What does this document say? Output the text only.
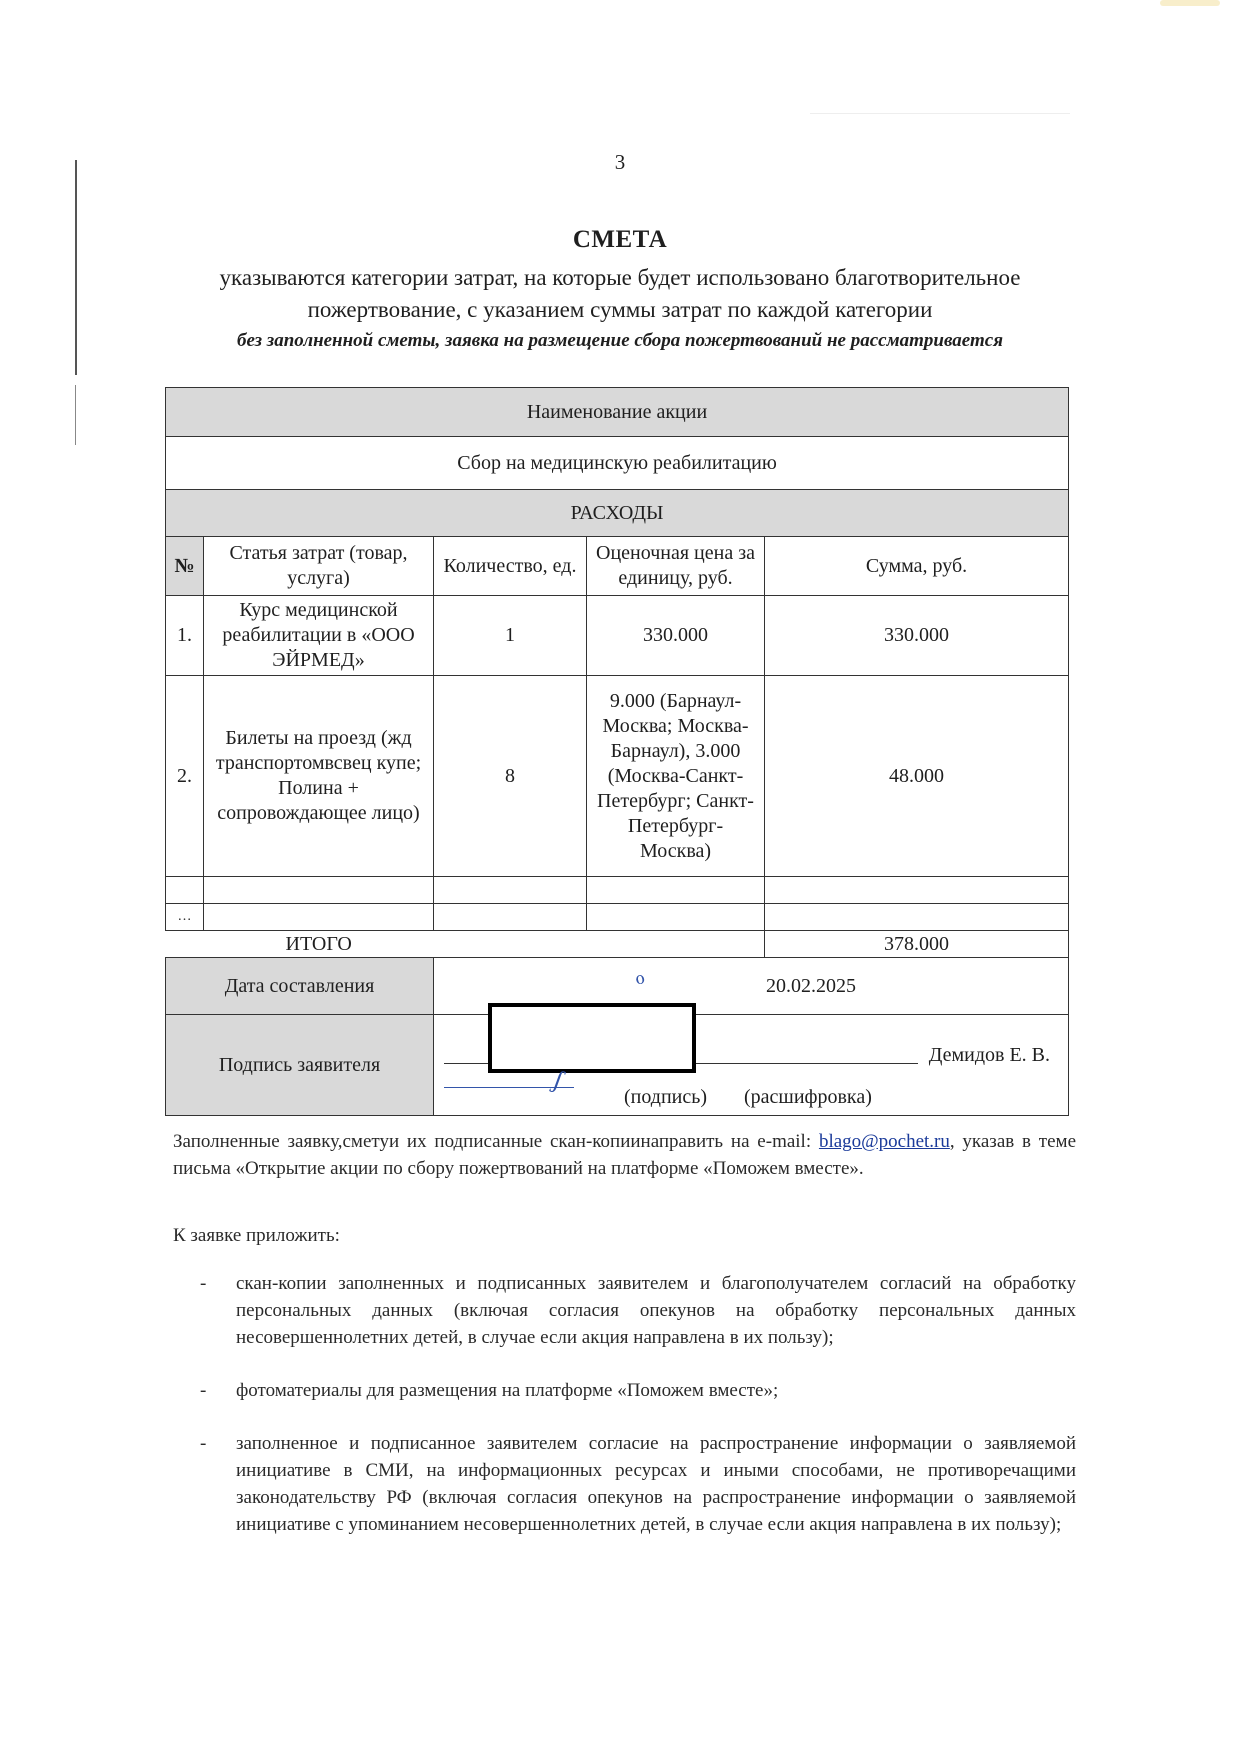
3
СМЕТА
указываются категории затрат, на которые будет использовано благотворительное пожертвование, с указанием суммы затрат по каждой категории
без заполненной сметы, заявка на размещение сбора пожертвований не рассматривается
Наименование акции				
Сбор на медицинскую реабилитацию				
РАСХОДЫ				
№	Статья затрат (товар, услуга)	Количество, ед.	Оценочная цена за единицу, руб.	Сумма, руб.
1.	Курс медицинской реабилитации в «ООО ЭЙРМЕД»	1	330.000	330.000
2.	Билеты на проезд (жд транспортомвсвец купе; Полина + сопровождающее лицо)	8	9.000 (Барнаул-Москва; Москва-Барнаул), 3.000 (Москва-Санкт-Петербург; Санкт-Петербург-Москва)	48.000

…				
ИТОГО				378.000
Дата составления		ℴ 20.02.2025		
Подпись заявителя		ʃ
Демидов Е. В.
(подпись) (расшифровка)		
Заполненные заявку,сметуи их подписанные скан-копиинаправить на e-mail: blago@pochet.ru, указав в теме письма «Открытие акции по сбору пожертвований на платформе «Поможем вместе».
К заявке приложить:
- скан-копии заполненных и подписанных заявителем и благополучателем согласий на обработку персональных данных (включая согласия опекунов на обработку персональных данных несовершеннолетних детей, в случае если акция направлена в их пользу);
- фотоматериалы для размещения на платформе «Поможем вместе»;
- заполненное и подписанное заявителем согласие на распространение информации о заявляемой инициативе в СМИ, на информационных ресурсах и иными способами, не противоречащими законодательству РФ (включая согласия опекунов на распространение информации о заявляемой инициативе с упоминанием несовершеннолетних детей, в случае если акция направлена в их пользу);
